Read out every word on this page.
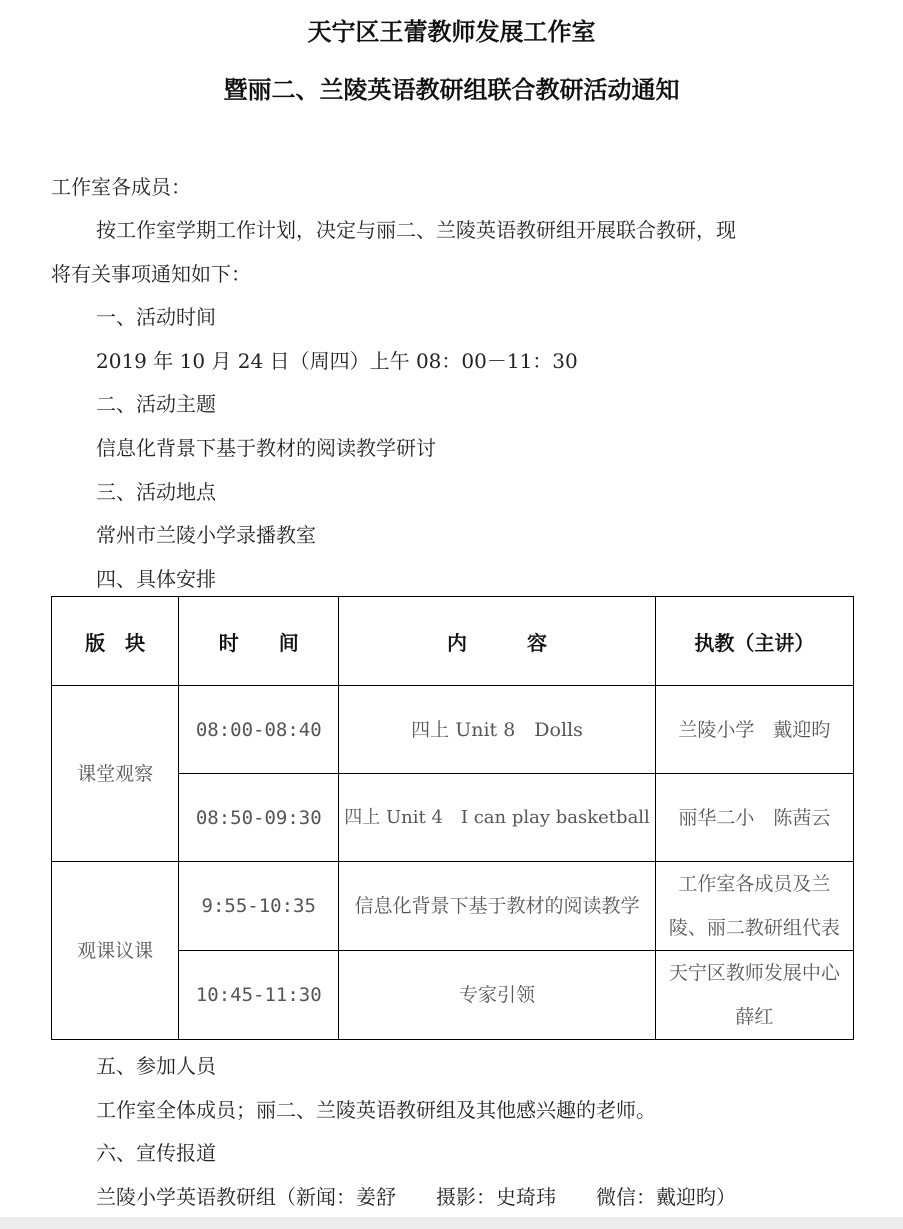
天宁区王蕾教师发展工作室
暨丽二、兰陵英语教研组联合教研活动通知
工作室各成员：
按工作室学期工作计划，决定与丽二、兰陵英语教研组开展联合教研，现
将有关事项通知如下：
一、活动时间
2019 年 10 月 24 日（周四）上午 08：00－11：30
二、活动主题
信息化背景下基于教材的阅读教学研讨
三、活动地点
常州市兰陵小学录播教室
四、具体安排
版　块	时　　间	内　　　容	执教（主讲）
课堂观察	08:00-08:40	四上 Unit 8　Dolls	兰陵小学　戴迎昀
	08:50-09:30	四上 Unit 4　I can play basketball	丽华二小　陈茜云
观课议课	9:55-10:35	信息化背景下基于教材的阅读教学	工作室各成员及兰陵、丽二教研组代表
	10:45-11:30	专家引领	天宁区教师发展中心薛红
五、参加人员
工作室全体成员；丽二、兰陵英语教研组及其他感兴趣的老师。
六、宣传报道
兰陵小学英语教研组（新闻：姜舒　　摄影：史琦玮　　微信：戴迎昀）
